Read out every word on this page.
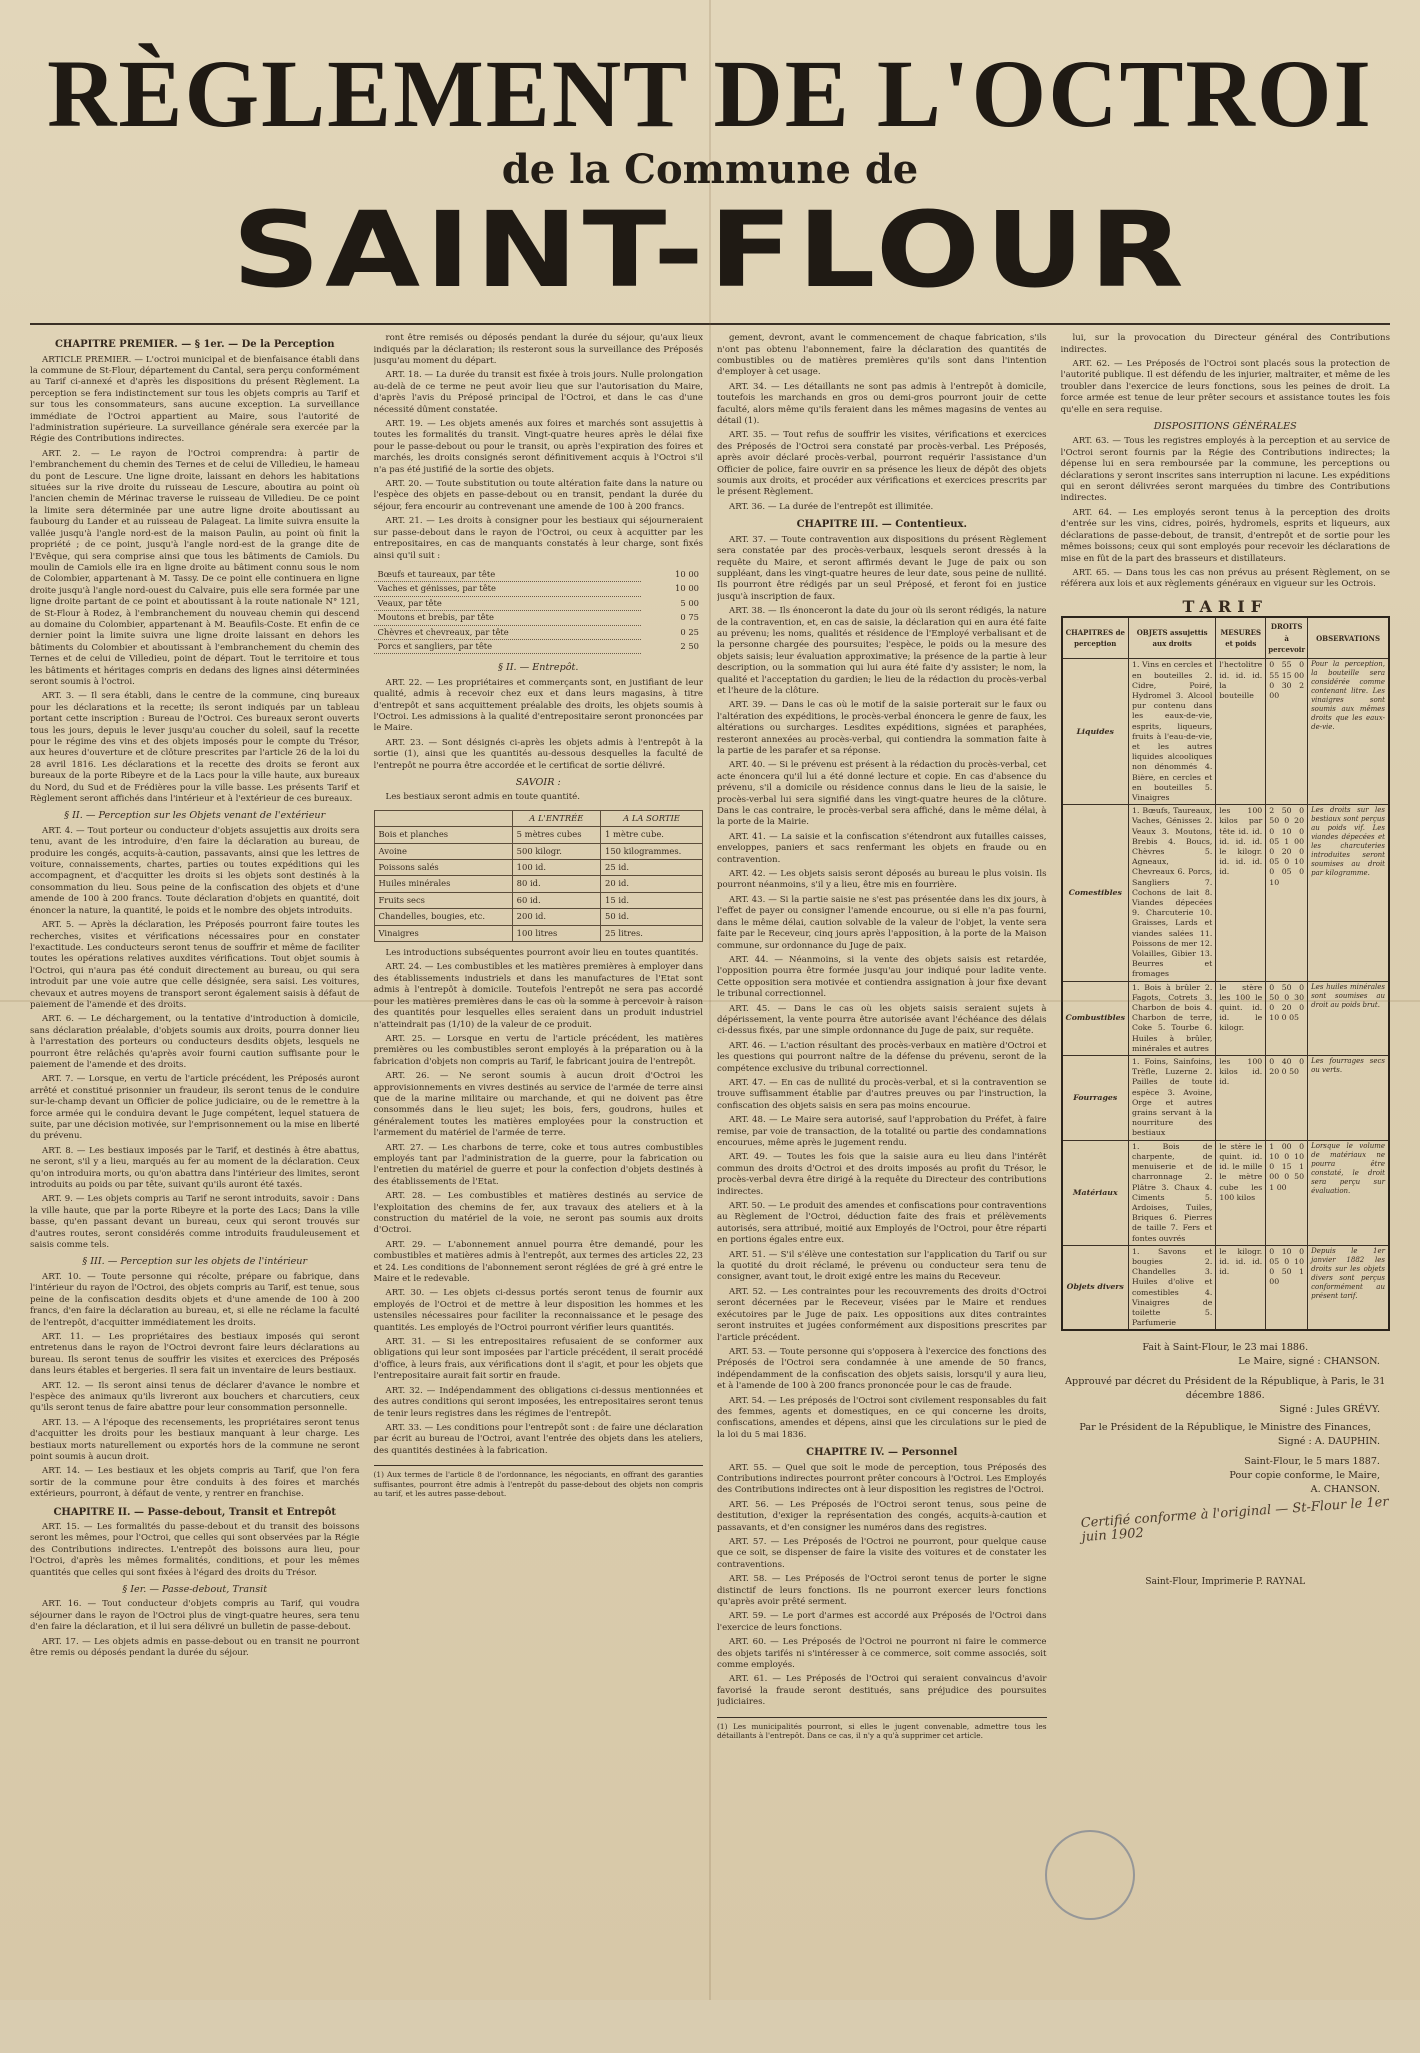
RÈGLEMENT DE L'OCTROI
de la Commune de
SAINT-FLOUR

CHAPITRE PREMIER. — § 1er. — De la Perception

ARTICLE PREMIER. — L'octroi municipal et de bienfaisance établi dans la commune de St-Flour, département du Cantal, sera perçu conformément au Tarif ci-annexé et d'après les dispositions du présent Règlement. La perception se fera indistinctement sur tous les objets compris au Tarif et sur tous les consommateurs, sans aucune exception. La surveillance immédiate de l'Octroi appartient au Maire, sous l'autorité de l'administration supérieure. La surveillance générale sera exercée par la Régie des Contributions indirectes.

ART. 2. — Le rayon de l'Octroi comprendra: à partir de l'embranchement du chemin des Ternes et de celui de Villedieu, le hameau du pont de Lescure. Une ligne droite, laissant en dehors les habitations situées sur la rive droite du ruisseau de Lescure, aboutira au point où l'ancien chemin de Mérinac traverse le ruisseau de Villedieu. De ce point la limite sera déterminée par une autre ligne droite aboutissant au faubourg du Lander et au ruisseau de Palageat. La limite suivra ensuite la vallée jusqu'à l'angle nord-est de la maison Paulin, au point où finit la propriété ; de ce point, jusqu'à l'angle nord-est de la grange dite de l'Evêque, qui sera comprise ainsi que tous les bâtiments de Camiols. Du moulin de Camiols elle ira en ligne droite au bâtiment connu sous le nom de Colombier, appartenant à M. Tassy. De ce point elle continuera en ligne droite jusqu'à l'angle nord-ouest du Calvaire, puis elle sera formée par une ligne droite partant de ce point et aboutissant à la route nationale N° 121, de St-Flour à Rodez, à l'embranchement du nouveau chemin qui descend au domaine du Colombier, appartenant à M. Beaufils-Coste. Et enfin de ce dernier point la limite suivra une ligne droite laissant en dehors les bâtiments du Colombier et aboutissant à l'embranchement du chemin des Ternes et de celui de Villedieu, point de départ. Tout le territoire et tous les bâtiments et héritages compris en dedans des lignes ainsi déterminées seront soumis à l'octroi.

ART. 3. — Il sera établi, dans le centre de la commune, cinq bureaux pour les déclarations et la recette; ils seront indiqués par un tableau portant cette inscription : Bureau de l'Octroi. Ces bureaux seront ouverts tous les jours, depuis le lever jusqu'au coucher du soleil, sauf la recette pour le régime des vins et des objets imposés pour le compte du Trésor, aux heures d'ouverture et de clôture prescrites par l'article 26 de la loi du 28 avril 1816. Les déclarations et la recette des droits se feront aux bureaux de la porte Ribeyre et de la Lacs pour la ville haute, aux bureaux du Nord, du Sud et de Frédières pour la ville basse. Les présents Tarif et Règlement seront affichés dans l'intérieur et à l'extérieur de ces bureaux.

§ II. — Perception sur les Objets venant de l'extérieur

ART. 4. — Tout porteur ou conducteur d'objets assujettis aux droits sera tenu, avant de les introduire, d'en faire la déclaration au bureau, de produire les congés, acquits-à-caution, passavants, ainsi que les lettres de voiture, connaissements, chartes, parties ou toutes expéditions qui les accompagnent, et d'acquitter les droits si les objets sont destinés à la consommation du lieu. Sous peine de la confiscation des objets et d'une amende de 100 à 200 francs. Toute déclaration d'objets en quantité, doit énoncer la nature, la quantité, le poids et le nombre des objets introduits.

ART. 5. — Après la déclaration, les Préposés pourront faire toutes les recherches, visites et vérifications nécessaires pour en constater l'exactitude. Les conducteurs seront tenus de souffrir et même de faciliter toutes les opérations relatives auxdites vérifications. Tout objet soumis à l'Octroi, qui n'aura pas été conduit directement au bureau, ou qui sera introduit par une voie autre que celle désignée, sera saisi. Les voitures, chevaux et autres moyens de transport seront également saisis à défaut de paiement de l'amende et des droits.

ART. 6. — Le déchargement, ou la tentative d'introduction à domicile, sans déclaration préalable, d'objets soumis aux droits, pourra donner lieu à l'arrestation des porteurs ou conducteurs desdits objets, lesquels ne pourront être relâchés qu'après avoir fourni caution suffisante pour le paiement de l'amende et des droits.

ART. 7. — Lorsque, en vertu de l'article précédent, les Préposés auront arrêté et constitué prisonnier un fraudeur, ils seront tenus de le conduire sur-le-champ devant un Officier de police judiciaire, ou de le remettre à la force armée qui le conduira devant le Juge compétent, lequel statuera de suite, par une décision motivée, sur l'emprisonnement ou la mise en liberté du prévenu.

ART. 8. — Les bestiaux imposés par le Tarif, et destinés à être abattus, ne seront, s'il y a lieu, marqués au fer au moment de la déclaration. Ceux qu'on introduira morts, ou qu'on abattra dans l'intérieur des limites, seront introduits au poids ou par tête, suivant qu'ils auront été taxés.

ART. 9. — Les objets compris au Tarif ne seront introduits, savoir : Dans la ville haute, que par la porte Ribeyre et la porte des Lacs; Dans la ville basse, qu'en passant devant un bureau, ceux qui seront trouvés sur d'autres routes, seront considérés comme introduits frauduleusement et saisis comme tels.

§ III. — Perception sur les objets de l'intérieur

ART. 10. — Toute personne qui récolte, prépare ou fabrique, dans l'intérieur du rayon de l'Octroi, des objets compris au Tarif, est tenue, sous peine de la confiscation desdits objets et d'une amende de 100 à 200 francs, d'en faire la déclaration au bureau, et, si elle ne réclame la faculté de l'entrepôt, d'acquitter immédiatement les droits.

ART. 11. — Les propriétaires des bestiaux imposés qui seront entretenus dans le rayon de l'Octroi devront faire leurs déclarations au bureau. Ils seront tenus de souffrir les visites et exercices des Préposés dans leurs étables et bergeries. Il sera fait un inventaire de leurs bestiaux.

ART. 12. — Ils seront ainsi tenus de déclarer d'avance le nombre et l'espèce des animaux qu'ils livreront aux bouchers et charcutiers, ceux qu'ils seront tenus de faire abattre pour leur consommation personnelle.

ART. 13. — A l'époque des recensements, les propriétaires seront tenus d'acquitter les droits pour les bestiaux manquant à leur charge. Les bestiaux morts naturellement ou exportés hors de la commune ne seront point soumis à aucun droit.

ART. 14. — Les bestiaux et les objets compris au Tarif, que l'on fera sortir de la commune pour être conduits à des foires et marchés extérieurs, pourront, à défaut de vente, y rentrer en franchise.

CHAPITRE II. — Passe-debout, Transit et Entrepôt

ART. 15. — Les formalités du passe-debout et du transit des boissons seront les mêmes, pour l'Octroi, que celles qui sont observées par la Régie des Contributions indirectes. L'entrepôt des boissons aura lieu, pour l'Octroi, d'après les mêmes formalités, conditions, et pour les mêmes quantités que celles qui sont fixées à l'égard des droits du Trésor.

§ Ier. — Passe-debout, Transit

ART. 16. — Tout conducteur d'objets compris au Tarif, qui voudra séjourner dans le rayon de l'Octroi plus de vingt-quatre heures, sera tenu d'en faire la déclaration, et il lui sera délivré un bulletin de passe-debout.

ART. 17. — Les objets admis en passe-debout ou en transit ne pourront être remis ou déposés pendant la durée du séjour.

ront être remisés ou déposés pendant la durée du séjour, qu'aux lieux indiqués par la déclaration; ils resteront sous la surveillance des Préposés jusqu'au moment du départ.

ART. 18. — La durée du transit est fixée à trois jours. Nulle prolongation au-delà de ce terme ne peut avoir lieu que sur l'autorisation du Maire, d'après l'avis du Préposé principal de l'Octroi, et dans le cas d'une nécessité dûment constatée.

ART. 19. — Les objets amenés aux foires et marchés sont assujettis à toutes les formalités du transit. Vingt-quatre heures après le délai fixe pour le passe-debout ou pour le transit, ou après l'expiration des foires et marchés, les droits consignés seront définitivement acquis à l'Octroi s'il n'a pas été justifié de la sortie des objets.

ART. 20. — Toute substitution ou toute altération faite dans la nature ou l'espèce des objets en passe-debout ou en transit, pendant la durée du séjour, fera encourir au contrevenant une amende de 100 à 200 francs.

ART. 21. — Les droits à consigner pour les bestiaux qui séjourneraient sur passe-debout dans le rayon de l'Octroi, ou ceux à acquitter par les entrepositaires, en cas de manquants constatés à leur charge, sont fixés ainsi qu'il suit :

Bœufs et taureaux, par tête	10 00
Vaches et génisses, par tête	10 00
Veaux, par tête	5 00
Moutons et brebis, par tête	0 75
Chèvres et chevreaux, par tête	0 25
Porcs et sangliers, par tête	2 50

§ II. — Entrepôt.

ART. 22. — Les propriétaires et commerçants sont, en justifiant de leur qualité, admis à recevoir chez eux et dans leurs magasins, à titre d'entrepôt et sans acquittement préalable des droits, les objets soumis à l'Octroi. Les admissions à la qualité d'entrepositaire seront prononcées par le Maire.

ART. 23. — Sont désignés ci-après les objets admis à l'entrepôt à la sortie (1), ainsi que les quantités au-dessous desquelles la faculté de l'entrepôt ne pourra être accordée et le certificat de sortie délivré.

SAVOIR :

Les bestiaux seront admis en toute quantité.

	A L'ENTRÉE	A LA SORTIE
Bois et planches	5 mètres cubes	1 mètre cube.
Avoine	500 kilogr.	150 kilogrammes.
Poissons salés	100 id.	25 id.
Huiles minérales	80 id.	20 id.
Fruits secs	60 id.	15 id.
Chandelles, bougies, etc.	200 id.	50 id.
Vinaigres	100 litres	25 litres.

Les introductions subséquentes pourront avoir lieu en toutes quantités.

ART. 24. — Les combustibles et les matières premières à employer dans des établissements industriels et dans les manufactures de l'Etat sont admis à l'entrepôt à domicile. Toutefois l'entrepôt ne sera pas accordé pour les matières premières dans le cas où la somme à percevoir à raison des quantités pour lesquelles elles seraient dans un produit industriel n'atteindrait pas (1/10) de la valeur de ce produit.

ART. 25. — Lorsque en vertu de l'article précédent, les matières premières ou les combustibles seront employés à la préparation ou à la fabrication d'objets non compris au Tarif, le fabricant jouira de l'entrepôt.

ART. 26. — Ne seront soumis à aucun droit d'Octroi les approvisionnements en vivres destinés au service de l'armée de terre ainsi que de la marine militaire ou marchande, et qui ne doivent pas être consommés dans le lieu sujet; les bois, fers, goudrons, huiles et généralement toutes les matières employées pour la construction et l'armement du matériel de l'armée de terre.

ART. 27. — Les charbons de terre, coke et tous autres combustibles employés tant par l'administration de la guerre, pour la fabrication ou l'entretien du matériel de guerre et pour la confection d'objets destinés à des établissements de l'Etat.

ART. 28. — Les combustibles et matières destinés au service de l'exploitation des chemins de fer, aux travaux des ateliers et à la construction du matériel de la voie, ne seront pas soumis aux droits d'Octroi.

ART. 29. — L'abonnement annuel pourra être demandé, pour les combustibles et matières admis à l'entrepôt, aux termes des articles 22, 23 et 24. Les conditions de l'abonnement seront réglées de gré à gré entre le Maire et le redevable.

ART. 30. — Les objets ci-dessus portés seront tenus de fournir aux employés de l'Octroi et de mettre à leur disposition les hommes et les ustensiles nécessaires pour faciliter la reconnaissance et le pesage des quantités. Les employés de l'Octroi pourront vérifier leurs quantités.

ART. 31. — Si les entrepositaires refusaient de se conformer aux obligations qui leur sont imposées par l'article précédent, il serait procédé d'office, à leurs frais, aux vérifications dont il s'agit, et pour les objets que l'entrepositaire aurait fait sortir en fraude.

ART. 32. — Indépendamment des obligations ci-dessus mentionnées et des autres conditions qui seront imposées, les entrepositaires seront tenus de tenir leurs registres dans les régimes de l'entrepôt.

ART. 33. — Les conditions pour l'entrepôt sont : de faire une déclaration par écrit au bureau de l'Octroi, avant l'entrée des objets dans les ateliers, des quantités destinées à la fabrication.

(1) Aux termes de l'article 8 de l'ordonnance, les négociants, en offrant des garanties suffisantes, pourront être admis à l'entrepôt du passe-debout des objets non compris au tarif, et les autres passe-debout.

gement, devront, avant le commencement de chaque fabrication, s'ils n'ont pas obtenu l'abonnement, faire la déclaration des quantités de combustibles ou de matières premières qu'ils sont dans l'intention d'employer à cet usage.

ART. 34. — Les détaillants ne sont pas admis à l'entrepôt à domicile, toutefois les marchands en gros ou demi-gros pourront jouir de cette faculté, alors même qu'ils feraient dans les mêmes magasins de ventes au détail (1).

ART. 35. — Tout refus de souffrir les visites, vérifications et exercices des Préposés de l'Octroi sera constaté par procès-verbal. Les Préposés, après avoir déclaré procès-verbal, pourront requérir l'assistance d'un Officier de police, faire ouvrir en sa présence les lieux de dépôt des objets soumis aux droits, et procéder aux vérifications et exercices prescrits par le présent Règlement.

ART. 36. — La durée de l'entrepôt est illimitée.

CHAPITRE III. — Contentieux.

ART. 37. — Toute contravention aux dispositions du présent Règlement sera constatée par des procès-verbaux, lesquels seront dressés à la requête du Maire, et seront affirmés devant le Juge de paix ou son suppléant, dans les vingt-quatre heures de leur date, sous peine de nullité. Ils pourront être rédigés par un seul Préposé, et feront foi en justice jusqu'à inscription de faux.

ART. 38. — Ils énonceront la date du jour où ils seront rédigés, la nature de la contravention, et, en cas de saisie, la déclaration qui en aura été faite au prévenu; les noms, qualités et résidence de l'Employé verbalisant et de la personne chargée des poursuites; l'espèce, le poids ou la mesure des objets saisis; leur évaluation approximative; la présence de la partie à leur description, ou la sommation qui lui aura été faite d'y assister; le nom, la qualité et l'acceptation du gardien; le lieu de la rédaction du procès-verbal et l'heure de la clôture.

ART. 39. — Dans le cas où le motif de la saisie porterait sur le faux ou l'altération des expéditions, le procès-verbal énoncera le genre de faux, les altérations ou surcharges. Lesdites expéditions, signées et paraphées, resteront annexées au procès-verbal, qui contiendra la sommation faite à la partie de les parafer et sa réponse.

ART. 40. — Si le prévenu est présent à la rédaction du procès-verbal, cet acte énoncera qu'il lui a été donné lecture et copie. En cas d'absence du prévenu, s'il a domicile ou résidence connus dans le lieu de la saisie, le procès-verbal lui sera signifié dans les vingt-quatre heures de la clôture. Dans le cas contraire, le procès-verbal sera affiché, dans le même délai, à la porte de la Mairie.

ART. 41. — La saisie et la confiscation s'étendront aux futailles caisses, enveloppes, paniers et sacs renfermant les objets en fraude ou en contravention.

ART. 42. — Les objets saisis seront déposés au bureau le plus voisin. Ils pourront néanmoins, s'il y a lieu, être mis en fourrière.

ART. 43. — Si la partie saisie ne s'est pas présentée dans les dix jours, à l'effet de payer ou consigner l'amende encourue, ou si elle n'a pas fourni, dans le même délai, caution solvable de la valeur de l'objet, la vente sera faite par le Receveur, cinq jours après l'apposition, à la porte de la Maison commune, sur ordonnance du Juge de paix.

ART. 44. — Néanmoins, si la vente des objets saisis est retardée, l'opposition pourra être formée jusqu'au jour indiqué pour ladite vente. Cette opposition sera motivée et contiendra assignation à jour fixe devant le tribunal correctionnel.

ART. 45. — Dans le cas où les objets saisis seraient sujets à dépérissement, la vente pourra être autorisée avant l'échéance des délais ci-dessus fixés, par une simple ordonnance du Juge de paix, sur requête.

ART. 46. — L'action résultant des procès-verbaux en matière d'Octroi et les questions qui pourront naître de la défense du prévenu, seront de la compétence exclusive du tribunal correctionnel.

ART. 47. — En cas de nullité du procès-verbal, et si la contravention se trouve suffisamment établie par d'autres preuves ou par l'instruction, la confiscation des objets saisis en sera pas moins encourue.

ART. 48. — Le Maire sera autorisé, sauf l'approbation du Préfet, à faire remise, par voie de transaction, de la totalité ou partie des condamnations encourues, même après le jugement rendu.

ART. 49. — Toutes les fois que la saisie aura eu lieu dans l'intérêt commun des droits d'Octroi et des droits imposés au profit du Trésor, le procès-verbal devra être dirigé à la requête du Directeur des contributions indirectes.

ART. 50. — Le produit des amendes et confiscations pour contraventions au Règlement de l'Octroi, déduction faite des frais et prélèvements autorisés, sera attribué, moitié aux Employés de l'Octroi, pour être réparti en portions égales entre eux.

ART. 51. — S'il s'élève une contestation sur l'application du Tarif ou sur la quotité du droit réclamé, le prévenu ou conducteur sera tenu de consigner, avant tout, le droit exigé entre les mains du Receveur.

ART. 52. — Les contraintes pour les recouvrements des droits d'Octroi seront décernées par le Receveur, visées par le Maire et rendues exécutoires par le Juge de paix. Les oppositions aux dites contraintes seront instruites et jugées conformément aux dispositions prescrites par l'article précédent.

ART. 53. — Toute personne qui s'opposera à l'exercice des fonctions des Préposés de l'Octroi sera condamnée à une amende de 50 francs, indépendamment de la confiscation des objets saisis, lorsqu'il y aura lieu, et à l'amende de 100 à 200 francs prononcée pour le cas de fraude.

ART. 54. — Les préposés de l'Octroi sont civilement responsables du fait des femmes, agents et domestiques, en ce qui concerne les droits, confiscations, amendes et dépens, ainsi que les circulations sur le pied de la loi du 5 mai 1836.

CHAPITRE IV. — Personnel

ART. 55. — Quel que soit le mode de perception, tous Préposés des Contributions indirectes pourront prêter concours à l'Octroi. Les Employés des Contributions indirectes ont à leur disposition les registres de l'Octroi.

ART. 56. — Les Préposés de l'Octroi seront tenus, sous peine de destitution, d'exiger la représentation des congés, acquits-à-caution et passavants, et d'en consigner les numéros dans des registres.

ART. 57. — Les Préposés de l'Octroi ne pourront, pour quelque cause que ce soit, se dispenser de faire la visite des voitures et de constater les contraventions.

ART. 58. — Les Préposés de l'Octroi seront tenus de porter le signe distinctif de leurs fonctions. Ils ne pourront exercer leurs fonctions qu'après avoir prêté serment.

ART. 59. — Le port d'armes est accordé aux Préposés de l'Octroi dans l'exercice de leurs fonctions.

ART. 60. — Les Préposés de l'Octroi ne pourront ni faire le commerce des objets tarifés ni s'intéresser à ce commerce, soit comme associés, soit comme employés.

ART. 61. — Les Préposés de l'Octroi qui seraient convaincus d'avoir favorisé la fraude seront destitués, sans préjudice des poursuites judiciaires.

(1) Les municipalités pourront, si elles le jugent convenable, admettre tous les détaillants à l'entrepôt. Dans ce cas, il n'y a qu'à supprimer cet article.

lui, sur la provocation du Directeur général des Contributions indirectes.

ART. 62. — Les Préposés de l'Octroi sont placés sous la protection de l'autorité publique. Il est défendu de les injurier, maltraiter, et même de les troubler dans l'exercice de leurs fonctions, sous les peines de droit. La force armée est tenue de leur prêter secours et assistance toutes les fois qu'elle en sera requise.

DISPOSITIONS GÉNÉRALES

ART. 63. — Tous les registres employés à la perception et au service de l'Octroi seront fournis par la Régie des Contributions indirectes; la dépense lui en sera remboursée par la commune, les perceptions ou déclarations y seront inscrites sans interruption ni lacune. Les expéditions qui en seront délivrées seront marquées du timbre des Contributions indirectes.

ART. 64. — Les employés seront tenus à la perception des droits d'entrée sur les vins, cidres, poirés, hydromels, esprits et liqueurs, aux déclarations de passe-debout, de transit, d'entrepôt et de sortie pour les mêmes boissons; ceux qui sont employés pour recevoir les déclarations de mise en fût de la part des brasseurs et distillateurs.

ART. 65. — Dans tous les cas non prévus au présent Règlement, on se référera aux lois et aux règlements généraux en vigueur sur les Octrois.

TARIF
CHAPITRES de perception	OBJETS assujettis aux droits	MESURES et poids	DROITS à percevoir	OBSERVATIONS
Liquides	1. Vins en cercles et en bouteilles 2. Cidre, Poiré, Hydromel 3. Alcool pur contenu dans les eaux-de-vie, esprits, liqueurs, fruits à l'eau-de-vie, et les autres liquides alcooliques non dénommés 4. Bière, en cercles et en bouteilles 5. Vinaigres	l'hectolitre id. id. id. la bouteille	0 55 0 55 15 00 0 30 2 00	Pour la perception, la bouteille sera considérée comme contenant litre. Les vinaigres sont soumis aux mêmes droits que les eaux-de-vie.
Comestibles	1. Bœufs, Taureaux, Vaches, Génisses 2. Veaux 3. Moutons, Brebis 4. Boucs, Chèvres 5. Agneaux, Chevreaux 6. Porcs, Sangliers 7. Cochons de lait 8. Viandes dépecées 9. Charcuterie 10. Graisses, Lards et viandes salées 11. Poissons de mer 12. Volailles, Gibier 13. Beurres et fromages	les 100 kilos par tête id. id. id. id. id. le kilogr. id. id. id. id.	2 50 0 50 0 20 0 10 0 05 1 00 0 20 0 05 0 10 0 05 0 10	Les droits sur les bestiaux sont perçus au poids vif. Les viandes dépecées et les charcuteries introduites seront soumises au droit par kilogramme.
Combustibles	1. Bois à brûler 2. Fagots, Cotrets 3. Charbon de bois 4. Charbon de terre, Coke 5. Tourbe 6. Huiles à brûler, minérales et autres	le stère les 100 le quint. id. id. le kilogr.	0 50 0 50 0 30 0 20 0 10 0 05	Les huiles minérales sont soumises au droit au poids brut.
Fourrages	1. Foins, Sainfoins, Trèfle, Luzerne 2. Pailles de toute espèce 3. Avoine, Orge et autres grains servant à la nourriture des bestiaux	les 100 kilos id. id.	0 40 0 20 0 50	Les fourrages secs ou verts.
Matériaux	1. Bois de charpente, de menuiserie et de charronnage 2. Plâtre 3. Chaux 4. Ciments 5. Ardoises, Tuiles, Briques 6. Pierres de taille 7. Fers et fontes ouvrés	le stère le quint. id. id. le mille le mètre cube les 100 kilos	1 00 0 10 0 10 0 15 1 00 0 50 1 00	Lorsque le volume de matériaux ne pourra être constaté, le droit sera perçu sur évaluation.
Objets divers	1. Savons et bougies 2. Chandelles 3. Huiles d'olive et comestibles 4. Vinaigres de toilette 5. Parfumerie	le kilogr. id. id. id. id.	0 10 0 05 0 10 0 50 1 00	Depuis le 1er janvier 1882 les droits sur les objets divers sont perçus conformément au présent tarif.
Fait à Saint-Flour, le 23 mai 1886.
Le Maire, signé : CHANSON.
Approuvé par décret du Président de la République, à Paris, le 31 décembre 1886.
Signé : Jules GRÉVY.
Par le Président de la République, le Ministre des Finances,
Signé : A. DAUPHIN.
Saint-Flour, le 5 mars 1887.
Pour copie conforme, le Maire,
A. CHANSON.
Certifié conforme à l'original — St-Flour le 1er juin 1902
Saint-Flour, Imprimerie P. RAYNAL
